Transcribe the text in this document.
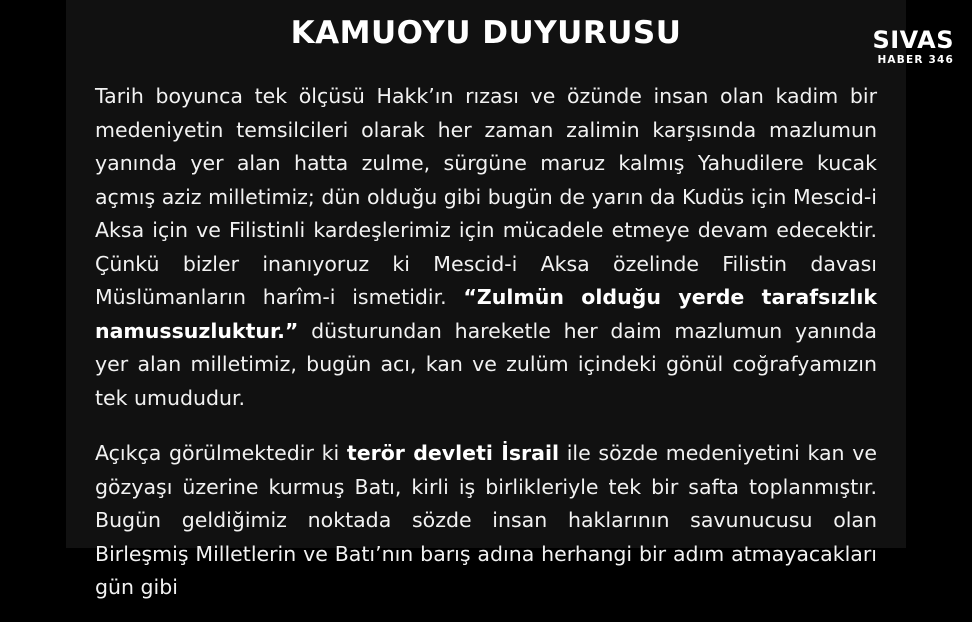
KAMUOYU DUYURUSU	SIVAS
HABER 346

Tarih boyunca tek ölçüsü Hakk’ın rızası ve özünde insan olan kadim bir medeniyetin temsilcileri olarak her zaman zalimin karşısında mazlumun yanında yer alan hatta zulme, sürgüne maruz kalmış Yahudilere kucak açmış aziz milletimiz; dün olduğu gibi bugün de yarın da Kudüs için Mescid-i Aksa için ve Filistinli kardeşlerimiz için mücadele etmeye devam edecektir. Çünkü bizler inanıyoruz ki Mescid-i Aksa özelinde Filistin davası Müslümanların harîm-i ismetidir. “Zulmün olduğu yerde tarafsızlık namussuzluktur.” düsturundan hareketle her daim mazlumun yanında yer alan milletimiz, bugün acı, kan ve zulüm içindeki gönül coğrafyamızın tek umududur.

Açıkça görülmektedir ki terör devleti İsrail ile sözde medeniyetini kan ve gözyaşı üzerine kurmuş Batı, kirli iş birlikleriyle tek bir safta toplanmıştır. Bugün geldiğimiz noktada sözde insan haklarının savunucusu olan Birleşmiş Milletlerin ve Batı’nın barış adına herhangi bir adım atmayacakları gün gibi
